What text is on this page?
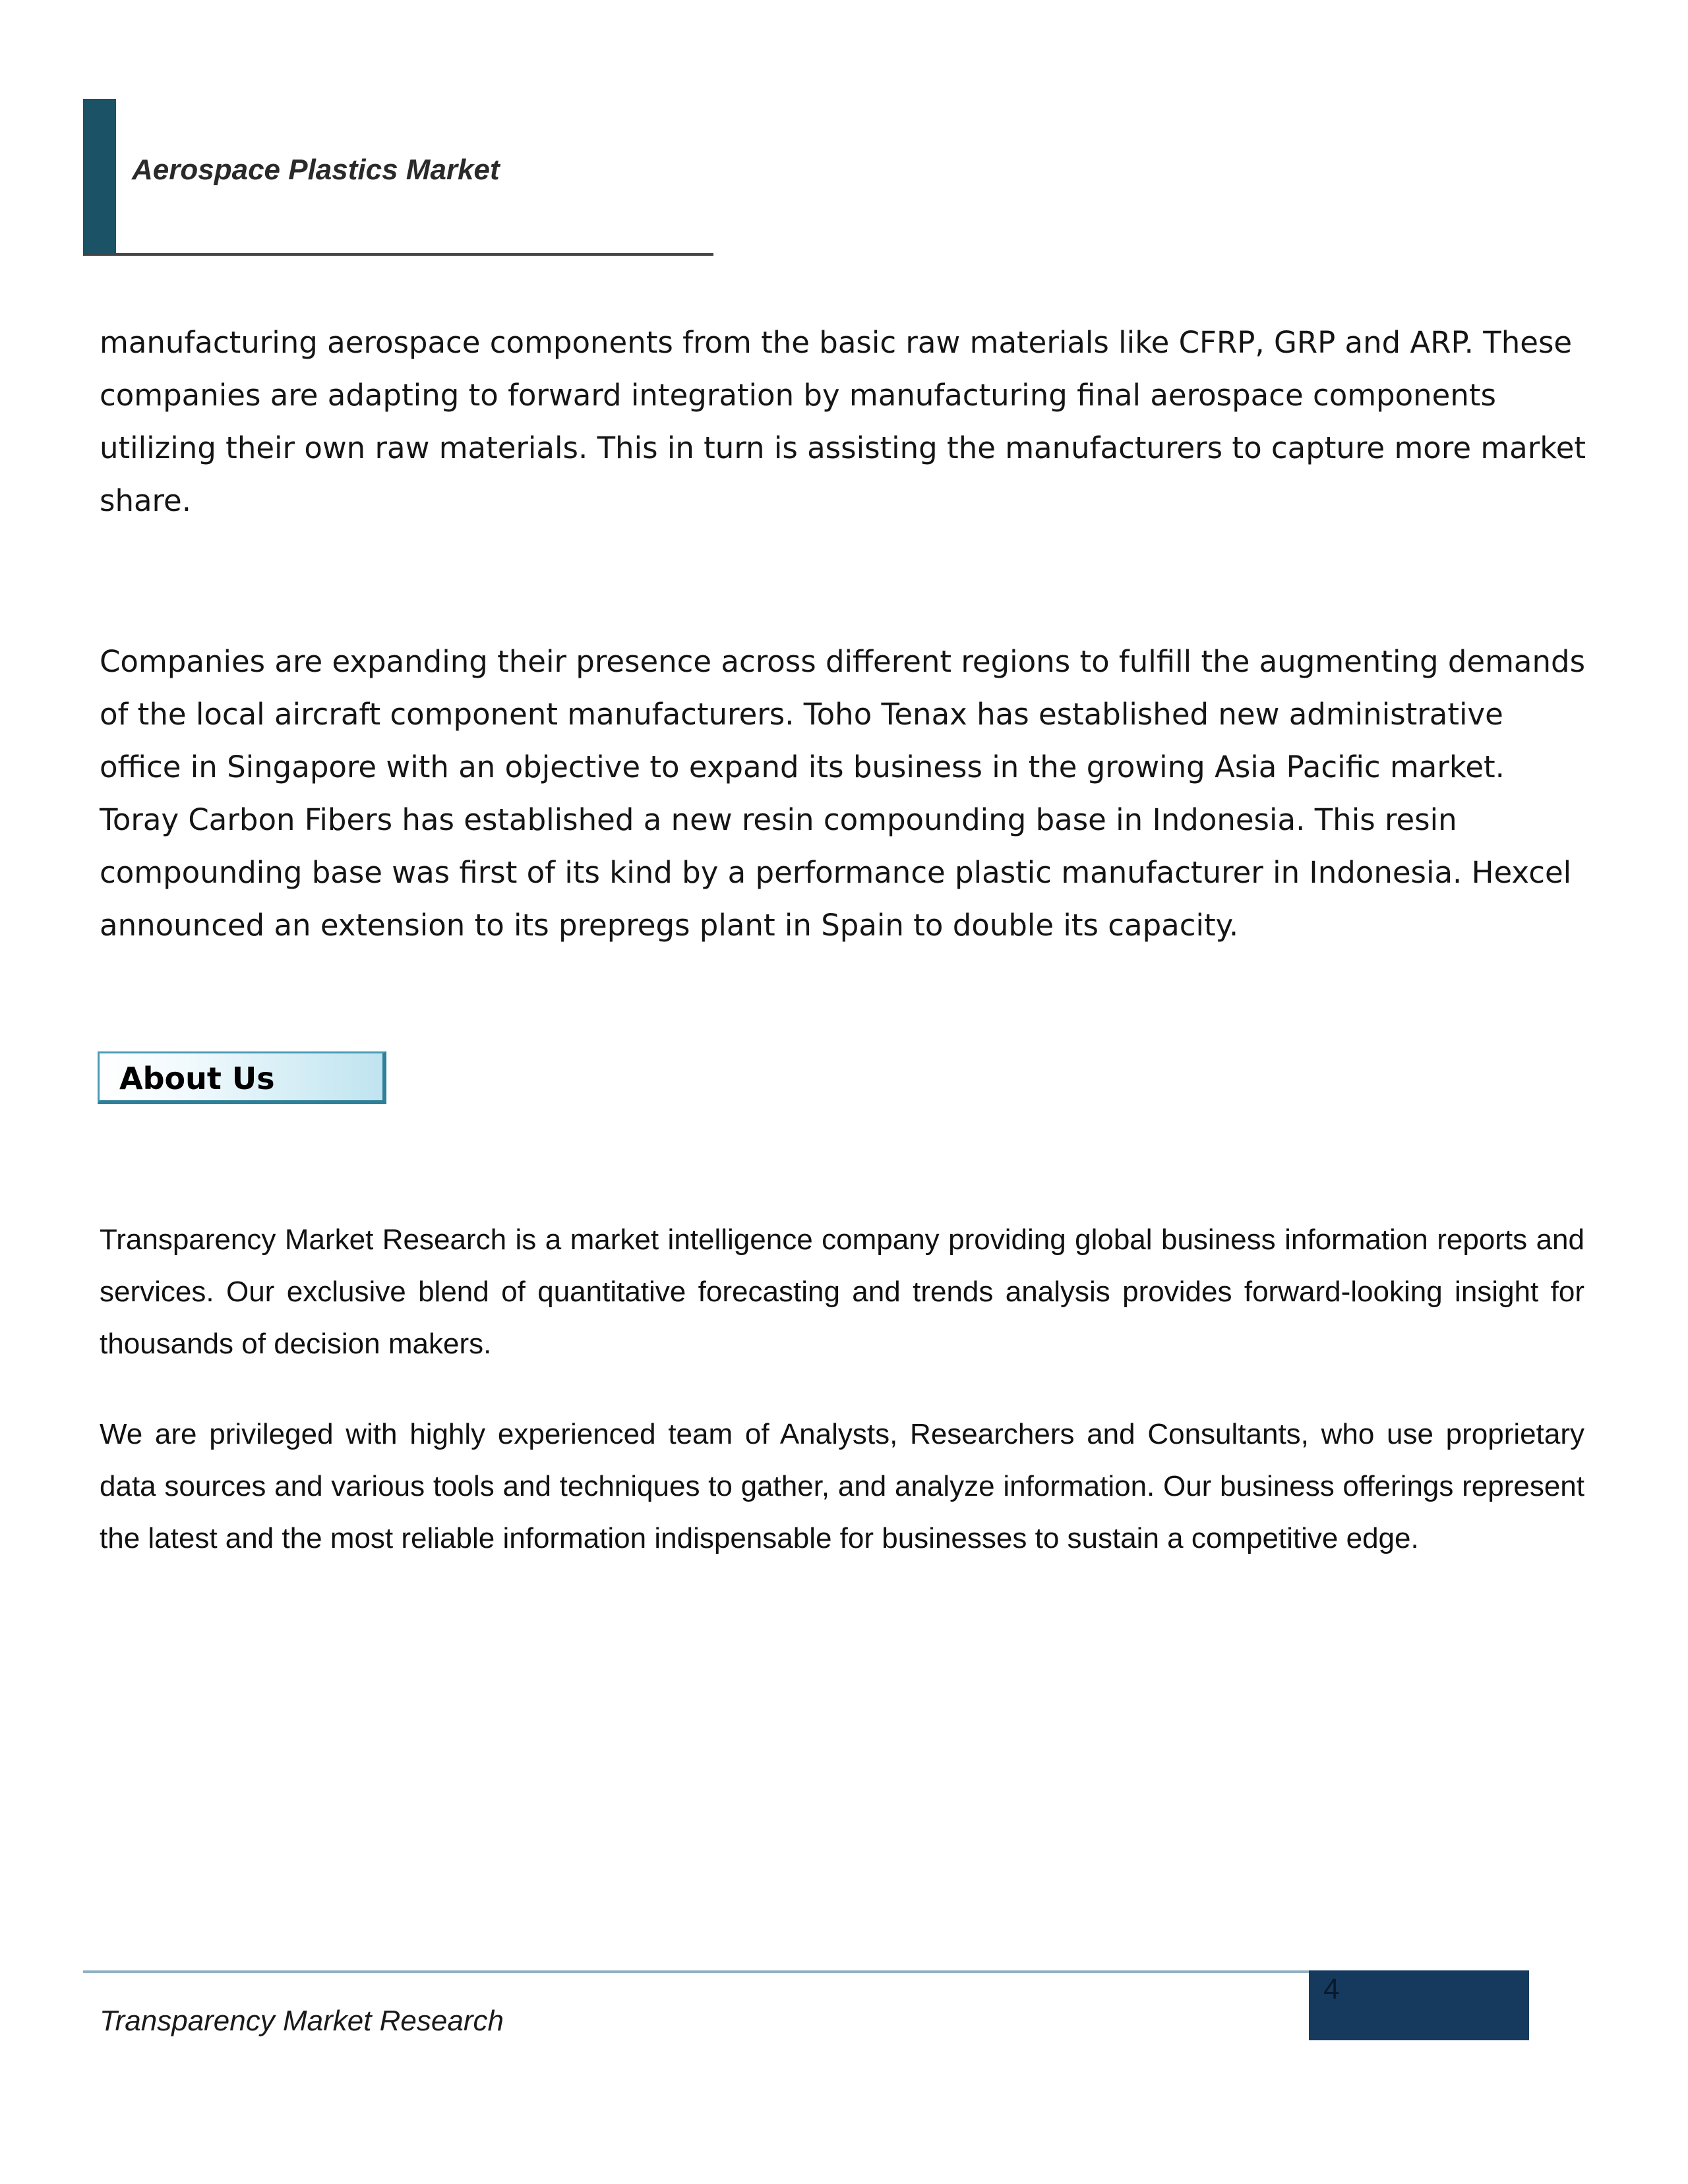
Aerospace Plastics Market

manufacturing aerospace components from the basic raw materials like CFRP, GRP and ARP. These companies are adapting to forward integration by manufacturing final aerospace components utilizing their own raw materials. This in turn is assisting the manufacturers to capture more market share.

Companies are expanding their presence across different regions to fulfill the augmenting demands of the local aircraft component manufacturers. Toho Tenax has established new administrative office in Singapore with an objective to expand its business in the growing Asia Pacific market. Toray Carbon Fibers has established a new resin compounding base in Indonesia. This resin compounding base was first of its kind by a performance plastic manufacturer in Indonesia. Hexcel announced an extension to its prepregs plant in Spain to double its capacity.

About Us

Transparency Market Research is a market intelligence company providing global business information reports and services. Our exclusive blend of quantitative forecasting and trends analysis provides forward-looking insight for thousands of decision makers.

We are privileged with highly experienced team of Analysts, Researchers and Consultants, who use proprietary data sources and various tools and techniques to gather, and analyze information. Our business offerings represent the latest and the most reliable information indispensable for businesses to sustain a competitive edge.

4

Transparency Market Research
